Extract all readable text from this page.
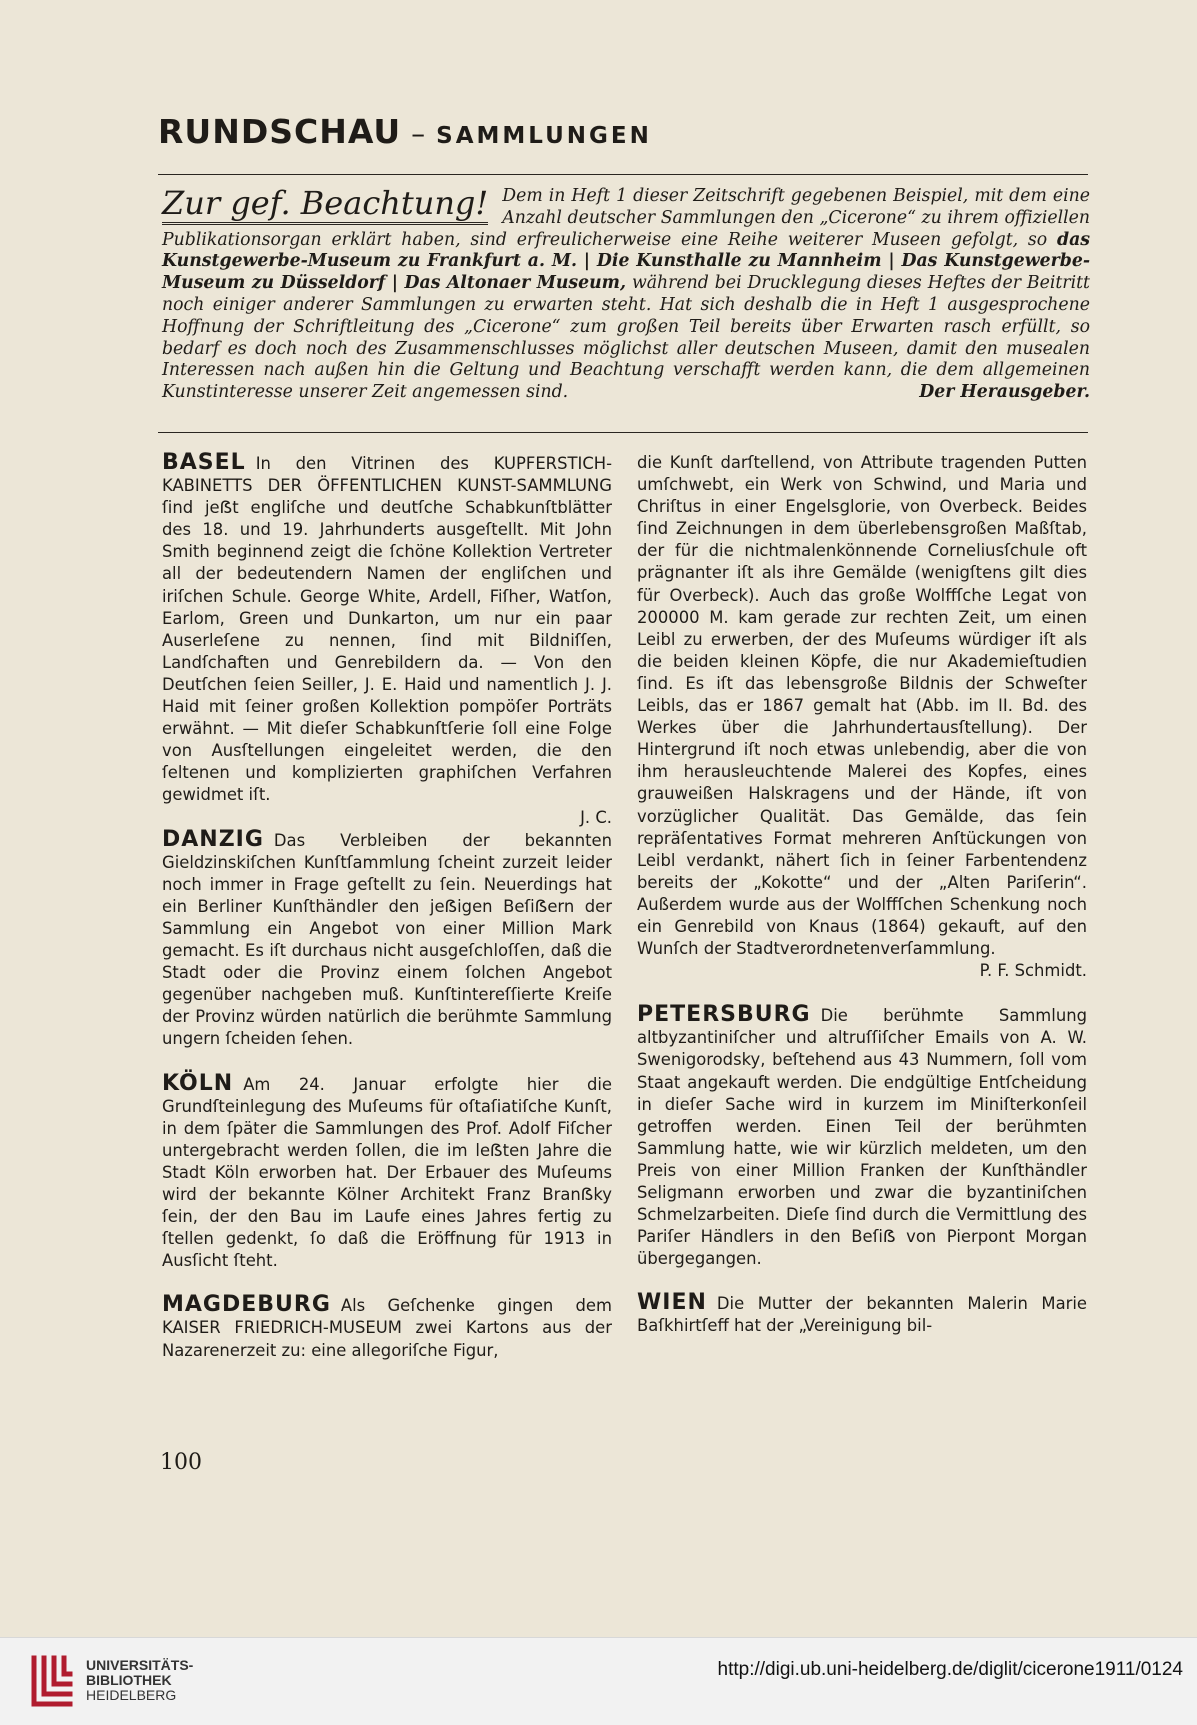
RUNDSCHAU – SAMMLUNGEN
Zur gef. Beachtung! Dem in Heft 1 dieser Zeitschrift gegebenen Beispiel, mit dem eine Anzahl deutscher Sammlungen den „Cicerone“ zu ihrem offiziellen Publikationsorgan erklärt haben, sind erfreulicherweise eine Reihe weiterer Museen gefolgt, so das Kunstgewerbe-Museum zu Frankfurt a. M. | Die Kunsthalle zu Mannheim | Das Kunstgewerbe-Museum zu Düsseldorf | Das Altonaer Museum, während bei Drucklegung dieses Heftes der Beitritt noch einiger anderer Sammlungen zu erwarten steht. Hat sich deshalb die in Heft 1 ausgesprochene Hoffnung der Schriftleitung des „Cicerone“ zum großen Teil bereits über Erwarten rasch erfüllt, so bedarf es doch noch des Zusammenschlusses möglichst aller deutschen Museen, damit den musealen Interessen nach außen hin die Geltung und Beachtung verschafft werden kann, die dem allgemeinen Kunstinteresse unserer Zeit angemessen sind.	Der Herausgeber.

BASEL In den Vitrinen des KUPFERSTICH-KABINETTS DER ÖFFENTLICHEN KUNST-SAMMLUNG ſind jeẞt engliſche und deutſche Schabkunſtblätter des 18. und 19. Jahrhunderts ausgeſtellt. Mit John Smith beginnend zeigt die ſchöne Kollektion Vertreter all der bedeutendern Namen der engliſchen und iriſchen Schule. George White, Ardell, Fiſher, Watſon, Earlom, Green und Dunkarton, um nur ein paar Auserleſene zu nennen, ſind mit Bildniſſen, Landſchaften und Genrebildern da. — Von den Deutſchen ſeien Seiller, J. E. Haid und namentlich J. J. Haid mit ſeiner großen Kollektion pompöſer Porträts erwähnt. — Mit dieſer Schabkunſtſerie ſoll eine Folge von Ausſtellungen eingeleitet werden, die den ſeltenen und komplizierten graphiſchen Verfahren gewidmet iſt.

J. C.

DANZIG Das Verbleiben der bekannten Gieldzinskiſchen Kunſtſammlung ſcheint zurzeit leider noch immer in Frage geſtellt zu ſein. Neuerdings hat ein Berliner Kunſthändler den jeẞigen Beſiẞern der Sammlung ein Angebot von einer Million Mark gemacht. Es iſt durchaus nicht ausgeſchloſſen, daß die Stadt oder die Provinz einem ſolchen Angebot gegenüber nachgeben muß. Kunſtintereſſierte Kreiſe der Provinz würden natürlich die berühmte Sammlung ungern ſcheiden ſehen.

KÖLN Am 24. Januar erfolgte hier die Grundſteinlegung des Muſeums für oſtaſiatiſche Kunſt, in dem ſpäter die Sammlungen des Prof. Adolf Fiſcher untergebracht werden ſollen, die im leẞten Jahre die Stadt Köln erworben hat. Der Erbauer des Muſeums wird der bekannte Kölner Architekt Franz Branẞky ſein, der den Bau im Laufe eines Jahres fertig zu ſtellen gedenkt, ſo daß die Eröffnung für 1913 in Ausſicht ſteht.

MAGDEBURG Als Geſchenke gingen dem KAISER FRIEDRICH-MUSEUM zwei Kartons aus der Nazarenerzeit zu: eine allegoriſche Figur,

die Kunſt darſtellend, von Attribute tragenden Putten umſchwebt, ein Werk von Schwind, und Maria und Chriſtus in einer Engelsglorie, von Overbeck. Beides ſind Zeichnungen in dem überlebensgroßen Maßſtab, der für die nichtmalenkönnende Corneliusſchule oft prägnanter iſt als ihre Gemälde (wenigſtens gilt dies für Overbeck). Auch das große Wolffſche Legat von 200000 M. kam gerade zur rechten Zeit, um einen Leibl zu erwerben, der des Muſeums würdiger iſt als die beiden kleinen Köpfe, die nur Akademieſtudien ſind. Es iſt das lebensgroße Bildnis der Schweſter Leibls, das er 1867 gemalt hat (Abb. im II. Bd. des Werkes über die Jahrhundertausſtellung). Der Hintergrund iſt noch etwas unlebendig, aber die von ihm herausleuchtende Malerei des Kopfes, eines grauweißen Halskragens und der Hände, iſt von vorzüglicher Qualität. Das Gemälde, das ſein repräſentatives Format mehreren Anſtückungen von Leibl verdankt, nähert ſich in ſeiner Farbentendenz bereits der „Kokotte“ und der „Alten Pariſerin“. Außerdem wurde aus der Wolffſchen Schenkung noch ein Genrebild von Knaus (1864) gekauft, auf den Wunſch der Stadtverordnetenverſammlung.

P. F. Schmidt.

PETERSBURG Die berühmte Sammlung altbyzantiniſcher und altruſſiſcher Emails von A. W. Swenigorodsky, beſtehend aus 43 Nummern, ſoll vom Staat angekauft werden. Die endgültige Entſcheidung in dieſer Sache wird in kurzem im Miniſterkonſeil getroffen werden. Einen Teil der berühmten Sammlung hatte, wie wir kürzlich meldeten, um den Preis von einer Million Franken der Kunſthändler Seligmann erworben und zwar die byzantiniſchen Schmelzarbeiten. Dieſe ſind durch die Vermittlung des Pariſer Händlers in den Beſiẞ von Pierpont Morgan übergegangen.

WIEN Die Mutter der bekannten Malerin Marie Baſkhirtſeff hat der „Vereinigung bil-

100
UNIVERSITÄTS-
BIBLIOTHEK
HEIDELBERG
http://digi.ub.uni-heidelberg.de/diglit/cicerone1911/0124
